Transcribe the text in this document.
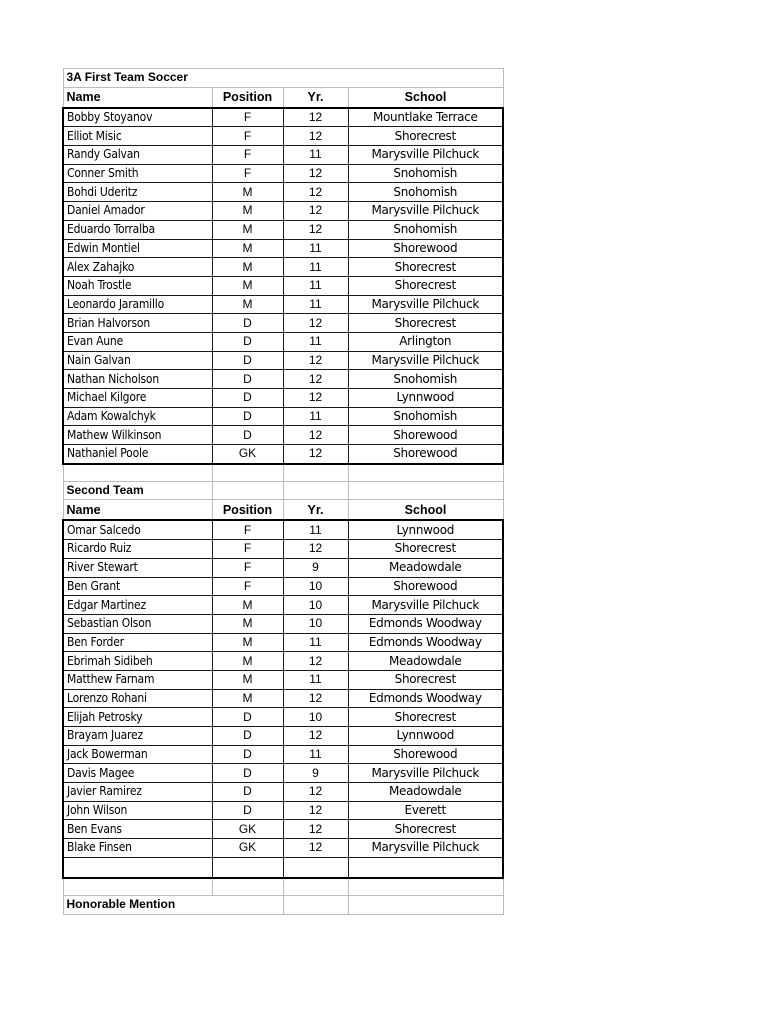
3A First Team Soccer			
Name	Position	Yr.	School
Bobby Stoyanov	F	12	Mountlake Terrace
Elliot Misic	F	12	Shorecrest
Randy Galvan	F	11	Marysville Pilchuck
Conner Smith	F	12	Snohomish
Bohdi Uderitz	M	12	Snohomish
Daniel Amador	M	12	Marysville Pilchuck
Eduardo Torralba	M	12	Snohomish
Edwin Montiel	M	11	Shorewood
Alex Zahajko	M	11	Shorecrest
Noah Trostle	M	11	Shorecrest
Leonardo Jaramillo	M	11	Marysville Pilchuck
Brian Halvorson	D	12	Shorecrest
Evan Aune	D	11	Arlington
Nain Galvan	D	12	Marysville Pilchuck
Nathan Nicholson	D	12	Snohomish
Michael Kilgore	D	12	Lynnwood
Adam Kowalchyk	D	11	Snohomish
Mathew Wilkinson	D	12	Shorewood
Nathaniel Poole	GK	12	Shorewood

Second Team			
Name	Position	Yr.	School
Omar Salcedo	F	11	Lynnwood
Ricardo Ruiz	F	12	Shorecrest
River Stewart	F	9	Meadowdale
Ben Grant	F	10	Shorewood
Edgar Martinez	M	10	Marysville Pilchuck
Sebastian Olson	M	10	Edmonds Woodway
Ben Forder	M	11	Edmonds Woodway
Ebrimah Sidibeh	M	12	Meadowdale
Matthew Farnam	M	11	Shorecrest
Lorenzo Rohani	M	12	Edmonds Woodway
Elijah Petrosky	D	10	Shorecrest
Brayam Juarez	D	12	Lynnwood
Jack Bowerman	D	11	Shorewood
Davis Magee	D	9	Marysville Pilchuck
Javier Ramirez	D	12	Meadowdale
John Wilson	D	12	Everett
Ben Evans	GK	12	Shorecrest
Blake Finsen	GK	12	Marysville Pilchuck

Honorable Mention			
